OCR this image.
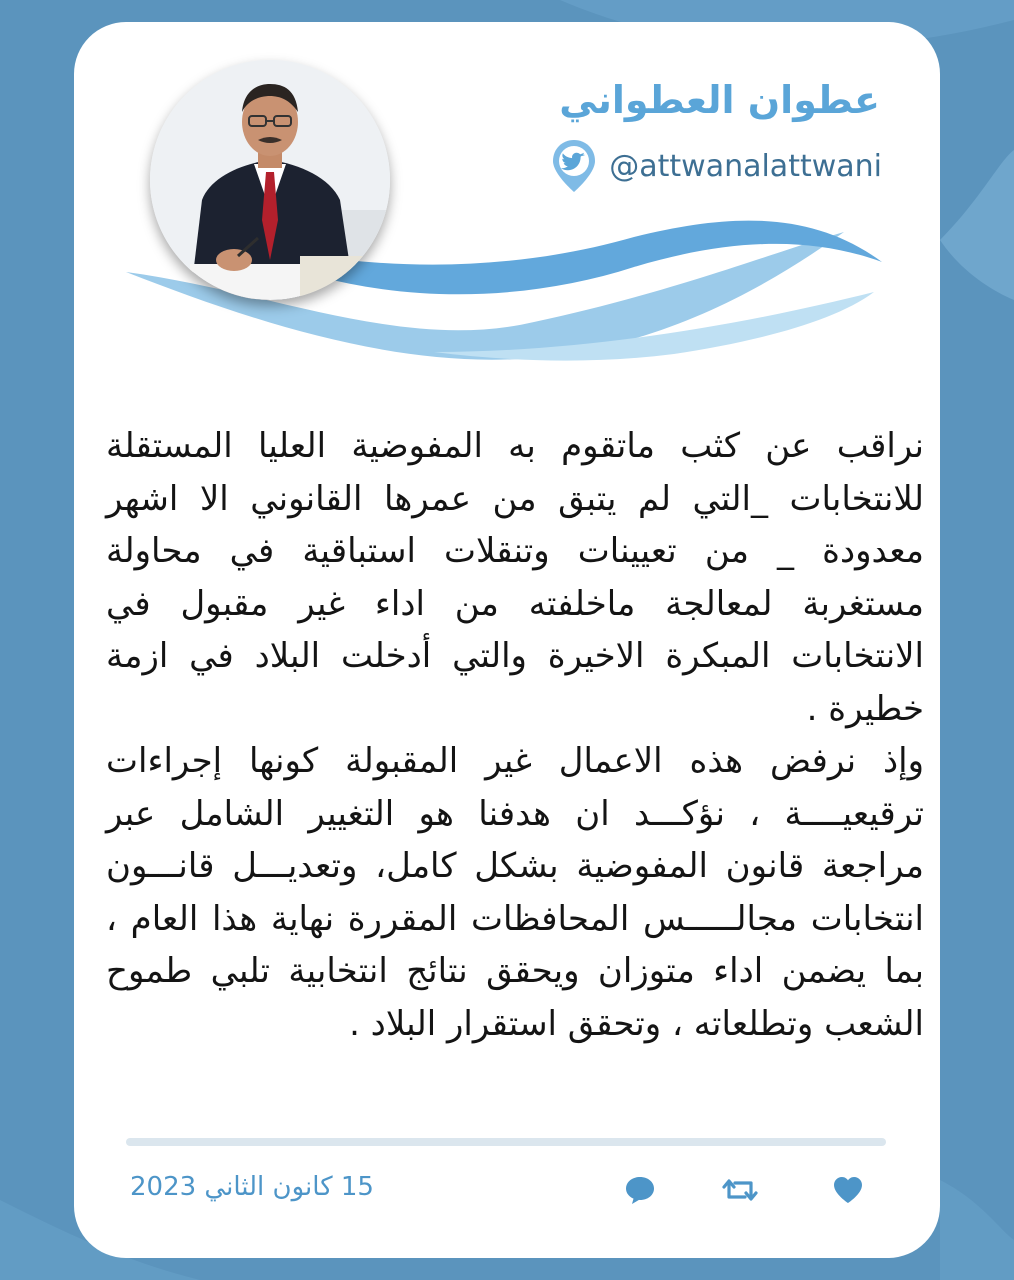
عطوان العطواني
@attwanalattwani

نراقب عن كثب ماتقوم به المفوضية العليا المستقلة للانتخابات _التي لم يتبق من عمرها القانوني الا اشهر معدودة _ من تعيينات وتنقلات استباقية في محاولة مستغربة لمعالجة ماخلفته من اداء غير مقبول في الانتخابات المبكرة الاخيرة والتي أدخلت البلاد في ازمة خطيرة .

وإذ نرفض هذه الاعمال غير المقبولة كونها إجراءات ترقيعيــــة ، نؤكـــد ان هدفنا هو التغيير الشامل عبر مراجعة قانون المفوضية بشكل كامل، وتعديـــل قانـــون انتخابات مجالـــــس المحافظات المقررة نهاية هذا العام ، بما يضمن اداء متوزان ويحقق نتائج انتخابية تلبي طموح الشعب وتطلعاته ، وتحقق استقرار البلاد .

15 كانون الثاني 2023
